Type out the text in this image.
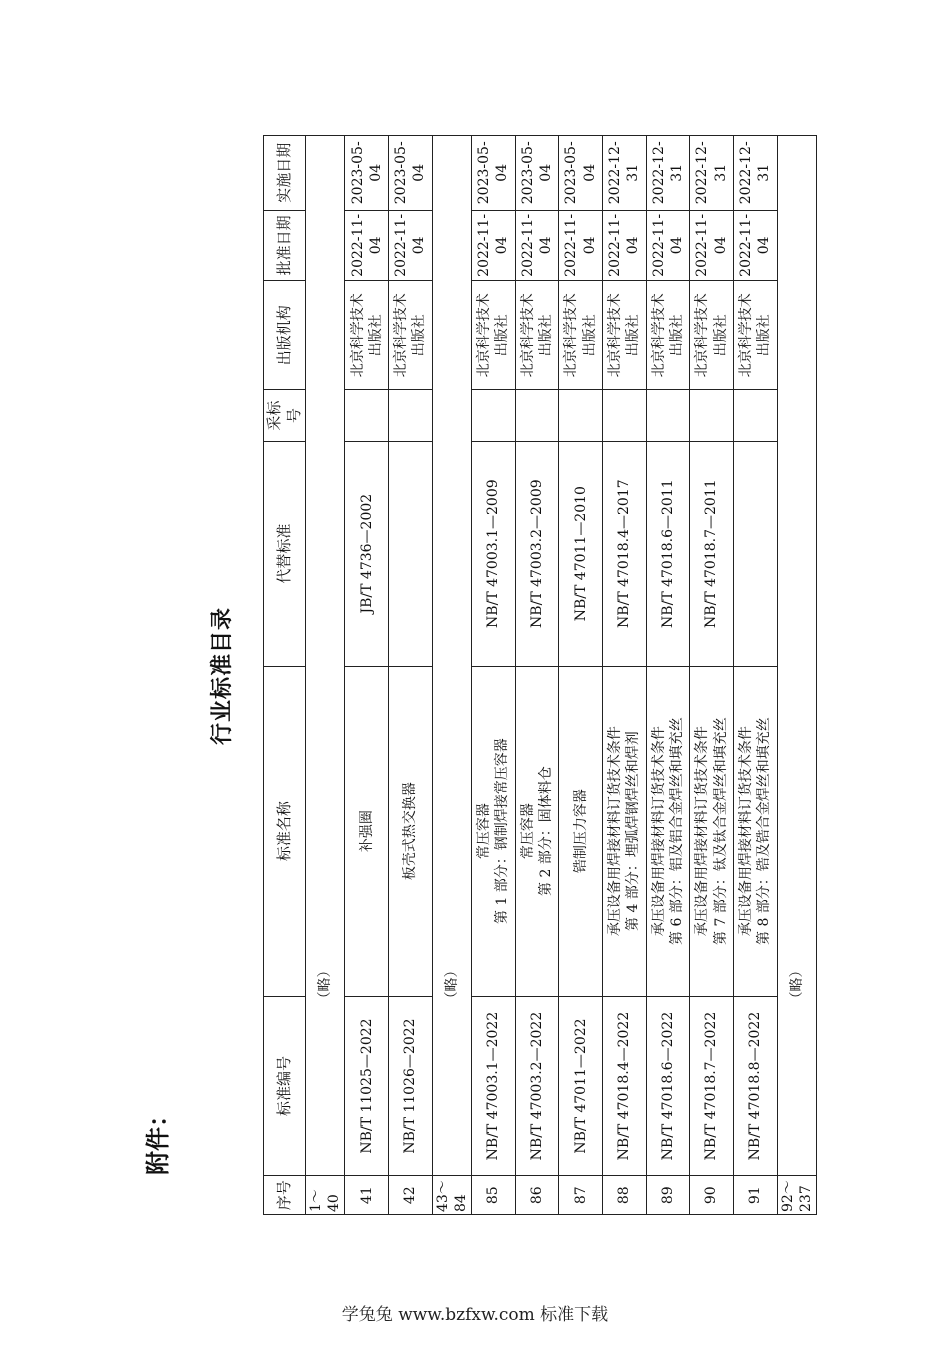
附件：
行业标准目录
序号	标准编号	标准名称	代替标准	采标号	出版机构	批准日期	实施日期
1～40	（略）						
41	NB/T 11025—2022	补强圈	JB/T 4736—2002		北京科学技术 出版社	2022-11-04	2023-05-04
42	NB/T 11026—2022	板壳式热交换器			北京科学技术 出版社	2022-11-04	2023-05-04
43～84	（略）						
85	NB/T 47003.1—2022	常压容器 第 1 部分：钢制焊接常压容器	NB/T 47003.1—2009		北京科学技术 出版社	2022-11-04	2023-05-04
86	NB/T 47003.2—2022	常压容器 第 2 部分：固体料仓	NB/T 47003.2—2009		北京科学技术 出版社	2022-11-04	2023-05-04
87	NB/T 47011—2022	锆制压力容器	NB/T 47011—2010		北京科学技术 出版社	2022-11-04	2023-05-04
88	NB/T 47018.4—2022	承压设备用焊接材料订货技术条件 第 4 部分：埋弧焊钢焊丝和焊剂	NB/T 47018.4—2017		北京科学技术 出版社	2022-11-04	2022-12-31
89	NB/T 47018.6—2022	承压设备用焊接材料订货技术条件 第 6 部分：铝及铝合金焊丝和填充丝	NB/T 47018.6—2011		北京科学技术 出版社	2022-11-04	2022-12-31
90	NB/T 47018.7—2022	承压设备用焊接材料订货技术条件 第 7 部分：钛及钛合金焊丝和填充丝	NB/T 47018.7—2011		北京科学技术 出版社	2022-11-04	2022-12-31
91	NB/T 47018.8—2022	承压设备用焊接材料订货技术条件 第 8 部分：锆及锆合金焊丝和填充丝			北京科学技术 出版社	2022-11-04	2022-12-31
92～237	（略）						
学兔兔 www.bzfxw.com 标准下载
